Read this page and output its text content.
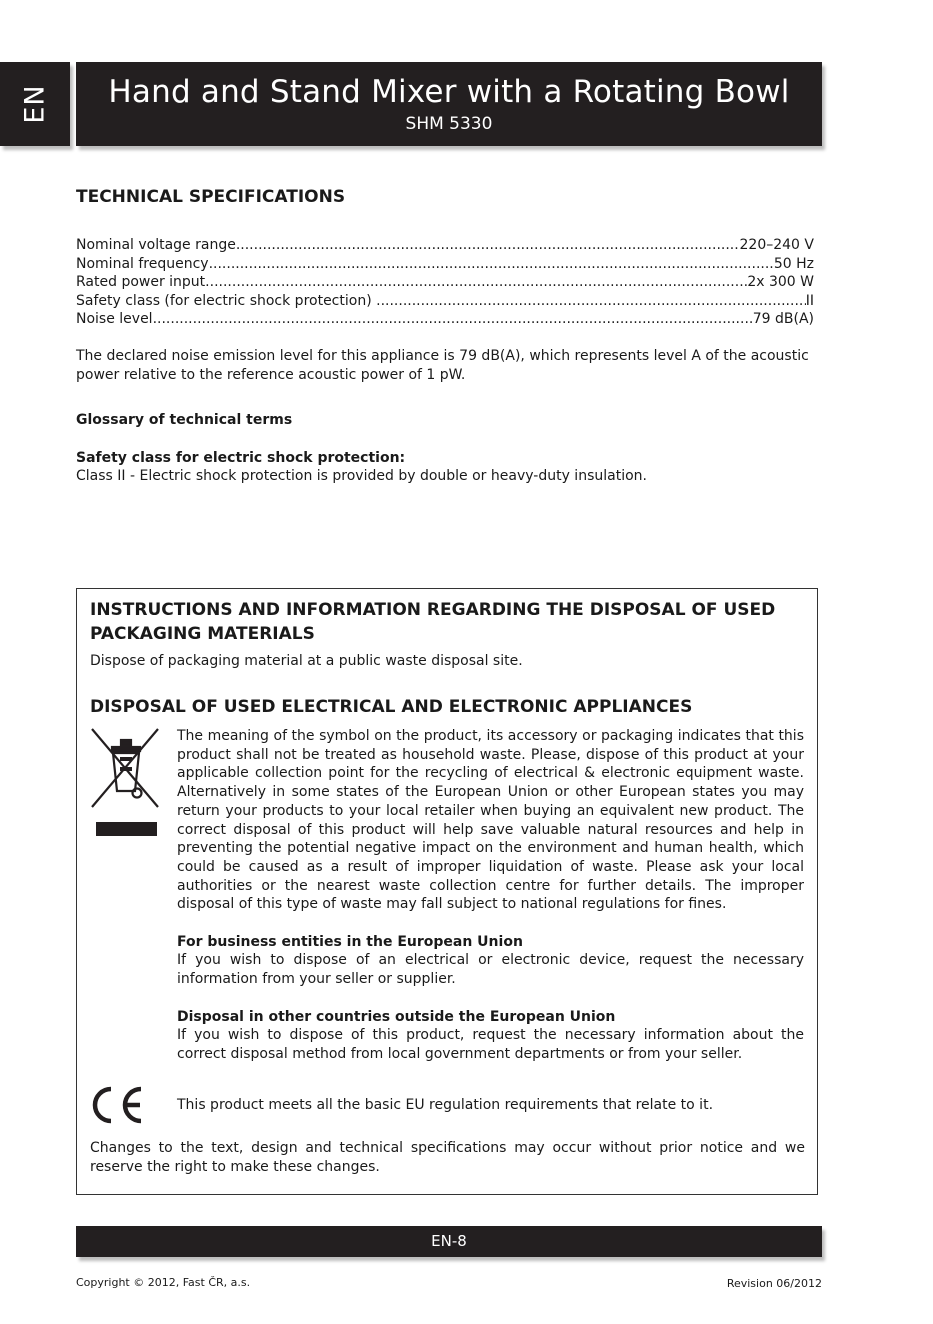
EN	Hand and Stand Mixer with a Rotating Bowl
SHM 5330
TECHNICAL SPECIFICATIONS
Nominal voltage range .....	220–240 V
Nominal frequency .....	50 Hz
Rated power input .....	2x 300 W
Safety class (for electric shock protection) .....	II
Noise level .....	79 dB(A)
The declared noise emission level for this appliance is 79 dB(A), which represents level A of the acoustic power relative to the reference acoustic power of 1 pW.
Glossary of technical terms
Safety class for electric shock protection:
Class II - Electric shock protection is provided by double or heavy-duty insulation.
INSTRUCTIONS AND INFORMATION REGARDING THE DISPOSAL OF USED PACKAGING MATERIALS
Dispose of packaging material at a public waste disposal site.
DISPOSAL OF USED ELECTRICAL AND ELECTRONIC APPLIANCES

The meaning of the symbol on the product, its accessory or packaging indicates that this product shall not be treated as household waste. Please, dispose of this product at your applicable collection point for the recycling of electrical & electronic equipment waste. Alternatively in some states of the European Union or other European states you may return your products to your local retailer when buying an equivalent new product. The correct disposal of this product will help save valuable natural resources and help in preventing the potential negative impact on the environment and human health, which could be caused as a result of improper liquidation of waste. Please ask your local authorities or the nearest waste collection centre for further details. The improper disposal of this type of waste may fall subject to national regulations for fines.

For business entities in the European Union

If you wish to dispose of an electrical or electronic device, request the necessary information from your seller or supplier.

Disposal in other countries outside the European Union

If you wish to dispose of this product, request the necessary information about the correct disposal method from local government departments or from your seller.

This product meets all the basic EU regulation requirements that relate to it.
Changes to the text, design and technical specifications may occur without prior notice and we reserve the right to make these changes.
EN-8
Copyright © 2012, Fast ČR, a.s.	Revision 06/2012
